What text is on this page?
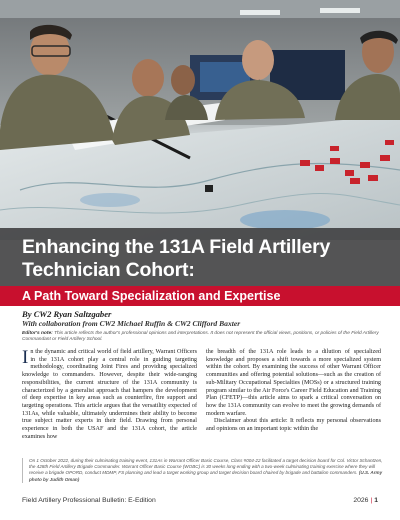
Enhancing the 131A Field Artillery Technician Cohort:
A Path Toward Specialization and Expertise
By CW2 Ryan Saltzgaber
With collaboration from CW2 Michael Ruffin & CW2 Clifford Baxter
Editor's note: This article reflects the author's professional opinions and interpretations. It does not represent the official views, positions, or policies of the Field Artillery Commandant or Field Artillery School.

In the dynamic and critical world of field artillery, Warrant Officers in the 131A cohort play a central role in guiding targeting methodology, coordinating Joint Fires and providing specialized knowledge to commanders. However, despite their wide-ranging responsibilities, the current structure of the 131A community is characterized by a generalist approach that hampers the development of deep expertise in key areas such as counterfire, fire support and targeting operations. This article argues that the versatility expected of 131As, while valuable, ultimately undermines their ability to become true subject matter experts in their field. Drawing from personal experience in both the USAF and the 131A cohort, the article examines how

the breadth of the 131A role leads to a dilution of specialized knowledge and proposes a shift towards a more specialized system within the cohort. By examining the success of other Warrant Officer communities and offering potential solutions—such as the creation of sub-Military Occupational Specialties (MOSs) or a structured training program similar to the Air Force's Career Field Education and Training Plan (CFETP)—this article aims to spark a critical conversation on how the 131A community can evolve to meet the growing demands of modern warfare.

Disclaimer about this article: It reflects my personal observations and opinions on an important topic within the

On 1 October 2022, during their culminating training event, 131As in Warrant Officer Basic Course, Class #004-22 facilitated a target decision board for Col. Victor Schantzen, the 428th Field Artillery Brigade Commander. Warrant Officer Basic Course (WOBC) is 30 weeks long ending with a two-week culminating training exercise where they will receive a brigade OPORD, conduct MDMP, FS planning and lead a target working group and target decision board chaired by brigade and battalion commanders. (U.S. Army photo by Judith Oman)
Field Artillery Professional Bulletin: E-Edition	2026 | 1
